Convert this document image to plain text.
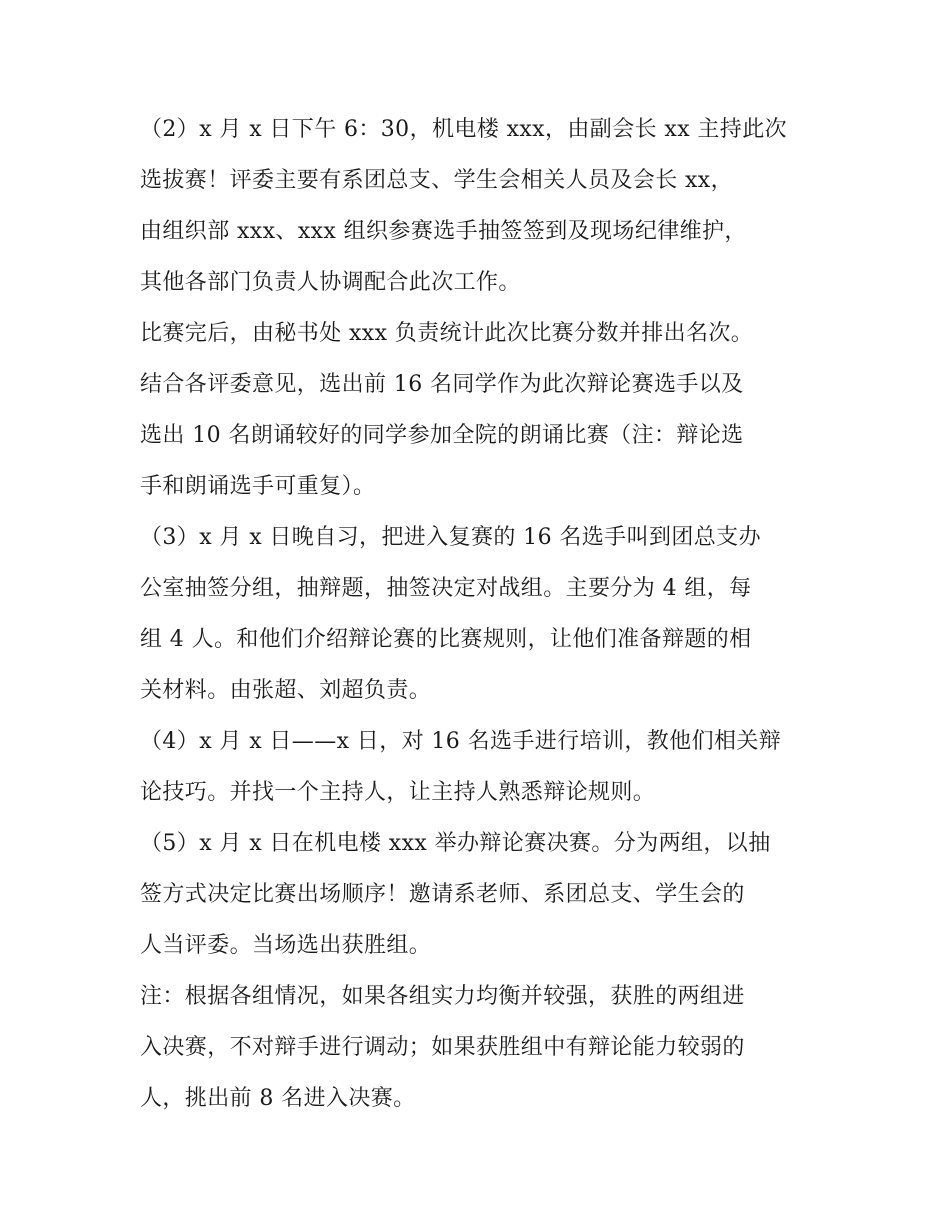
（2）x 月 x 日下午 6：30，机电楼 xxx，由副会长 xx 主持此次
选拔赛！评委主要有系团总支、学生会相关人员及会长 xx，
由组织部 xxx、xxx 组织参赛选手抽签签到及现场纪律维护，
其他各部门负责人协调配合此次工作。

比赛完后，由秘书处 xxx 负责统计此次比赛分数并排出名次。
结合各评委意见，选出前 16 名同学作为此次辩论赛选手以及
选出 10 名朗诵较好的同学参加全院的朗诵比赛（注：辩论选
手和朗诵选手可重复）。

（3）x 月 x 日晚自习，把进入复赛的 16 名选手叫到团总支办
公室抽签分组，抽辩题，抽签决定对战组。主要分为 4 组，每
组 4 人。和他们介绍辩论赛的比赛规则，让他们准备辩题的相
关材料。由张超、刘超负责。

（4）x 月 x 日——x 日，对 16 名选手进行培训，教他们相关辩
论技巧。并找一个主持人，让主持人熟悉辩论规则。

（5）x 月 x 日在机电楼 xxx 举办辩论赛决赛。分为两组，以抽
签方式决定比赛出场顺序！邀请系老师、系团总支、学生会的
人当评委。当场选出获胜组。

注：根据各组情况，如果各组实力均衡并较强，获胜的两组进
入决赛，不对辩手进行调动；如果获胜组中有辩论能力较弱的
人，挑出前 8 名进入决赛。
